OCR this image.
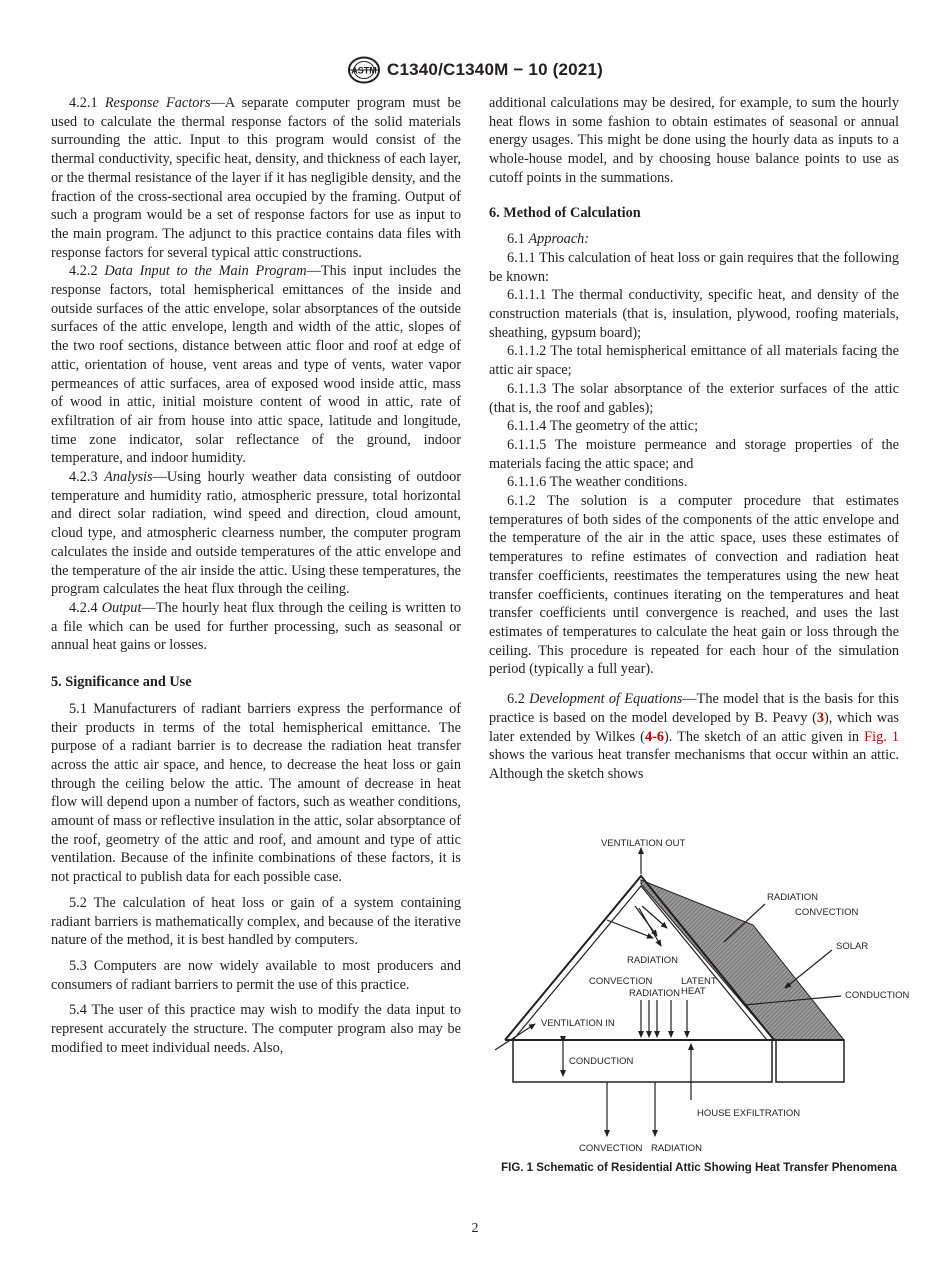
ASTM C1340/C1340M − 10 (2021)

4.2.1 Response Factors—A separate computer program must be used to calculate the thermal response factors of the solid materials surrounding the attic. Input to this program would consist of the thermal conductivity, specific heat, density, and thickness of each layer, or the thermal resistance of the layer if it has negligible density, and the fraction of the cross-sectional area occupied by the framing. Output of such a program would be a set of response factors for use as input to the main program. The adjunct to this practice contains data files with response factors for several typical attic constructions.

4.2.2 Data Input to the Main Program—This input includes the response factors, total hemispherical emittances of the inside and outside surfaces of the attic envelope, solar absorptances of the outside surfaces of the attic envelope, length and width of the attic, slopes of the two roof sections, distance between attic floor and roof at edge of attic, orientation of house, vent areas and type of vents, water vapor permeances of attic surfaces, area of exposed wood inside attic, mass of wood in attic, initial moisture content of wood in attic, rate of exfiltration of air from house into attic space, latitude and longitude, time zone indicator, solar reflectance of the ground, indoor temperature, and indoor humidity.

4.2.3 Analysis—Using hourly weather data consisting of outdoor temperature and humidity ratio, atmospheric pressure, total horizontal and direct solar radiation, wind speed and direction, cloud amount, cloud type, and atmospheric clearness number, the computer program calculates the inside and outside temperatures of the attic envelope and the temperature of the air inside the attic. Using these temperatures, the program calculates the heat flux through the ceiling.

4.2.4 Output—The hourly heat flux through the ceiling is written to a file which can be used for further processing, such as seasonal or annual heat gains or losses.

5. Significance and Use

5.1 Manufacturers of radiant barriers express the performance of their products in terms of the total hemispherical emittance. The purpose of a radiant barrier is to decrease the radiation heat transfer across the attic air space, and hence, to decrease the heat loss or gain through the ceiling below the attic. The amount of decrease in heat flow will depend upon a number of factors, such as weather conditions, amount of mass or reflective insulation in the attic, solar absorptance of the roof, geometry of the attic and roof, and amount and type of attic ventilation. Because of the infinite combinations of these factors, it is not practical to publish data for each possible case.

5.2 The calculation of heat loss or gain of a system containing radiant barriers is mathematically complex, and because of the iterative nature of the method, it is best handled by computers.

5.3 Computers are now widely available to most producers and consumers of radiant barriers to permit the use of this practice.

5.4 The user of this practice may wish to modify the data input to represent accurately the structure. The computer program also may be modified to meet individual needs. Also,

additional calculations may be desired, for example, to sum the hourly heat flows in some fashion to obtain estimates of seasonal or annual energy usages. This might be done using the hourly data as inputs to a whole-house model, and by choosing house balance points to use as cutoff points in the summations.

6. Method of Calculation

6.1 Approach:

6.1.1 This calculation of heat loss or gain requires that the following be known:

6.1.1.1 The thermal conductivity, specific heat, and density of the construction materials (that is, insulation, plywood, roofing materials, sheathing, gypsum board);

6.1.1.2 The total hemispherical emittance of all materials facing the attic air space;

6.1.1.3 The solar absorptance of the exterior surfaces of the attic (that is, the roof and gables);

6.1.1.4 The geometry of the attic;

6.1.1.5 The moisture permeance and storage properties of the materials facing the attic space; and

6.1.1.6 The weather conditions.

6.1.2 The solution is a computer procedure that estimates temperatures of both sides of the components of the attic envelope and the temperature of the air in the attic space, uses these estimates of temperatures to refine estimates of convection and radiation heat transfer coefficients, reestimates the temperatures using the new heat transfer coefficients, continues iterating on the temperatures and heat transfer coefficients until convergence is reached, and uses the last estimates of temperatures to calculate the heat gain or loss through the ceiling. This procedure is repeated for each hour of the simulation period (typically a full year).

6.2 Development of Equations—The model that is the basis for this practice is based on the model developed by B. Peavy (3), which was later extended by Wilkes (4-6). The sketch of an attic given in Fig. 1 shows the various heat transfer mechanisms that occur within an attic. Although the sketch shows

VENTILATION OUT
RADIATION
RADIATION
CONVECTION
SOLAR
CONDUCTION
CONVECTION
RADIATION
LATENT
HEAT
VENTILATION IN
CONDUCTION
HOUSE EXFILTRATION
CONVECTION RADIATION
FIG. 1 Schematic of Residential Attic Showing Heat Transfer Phenomena
2
